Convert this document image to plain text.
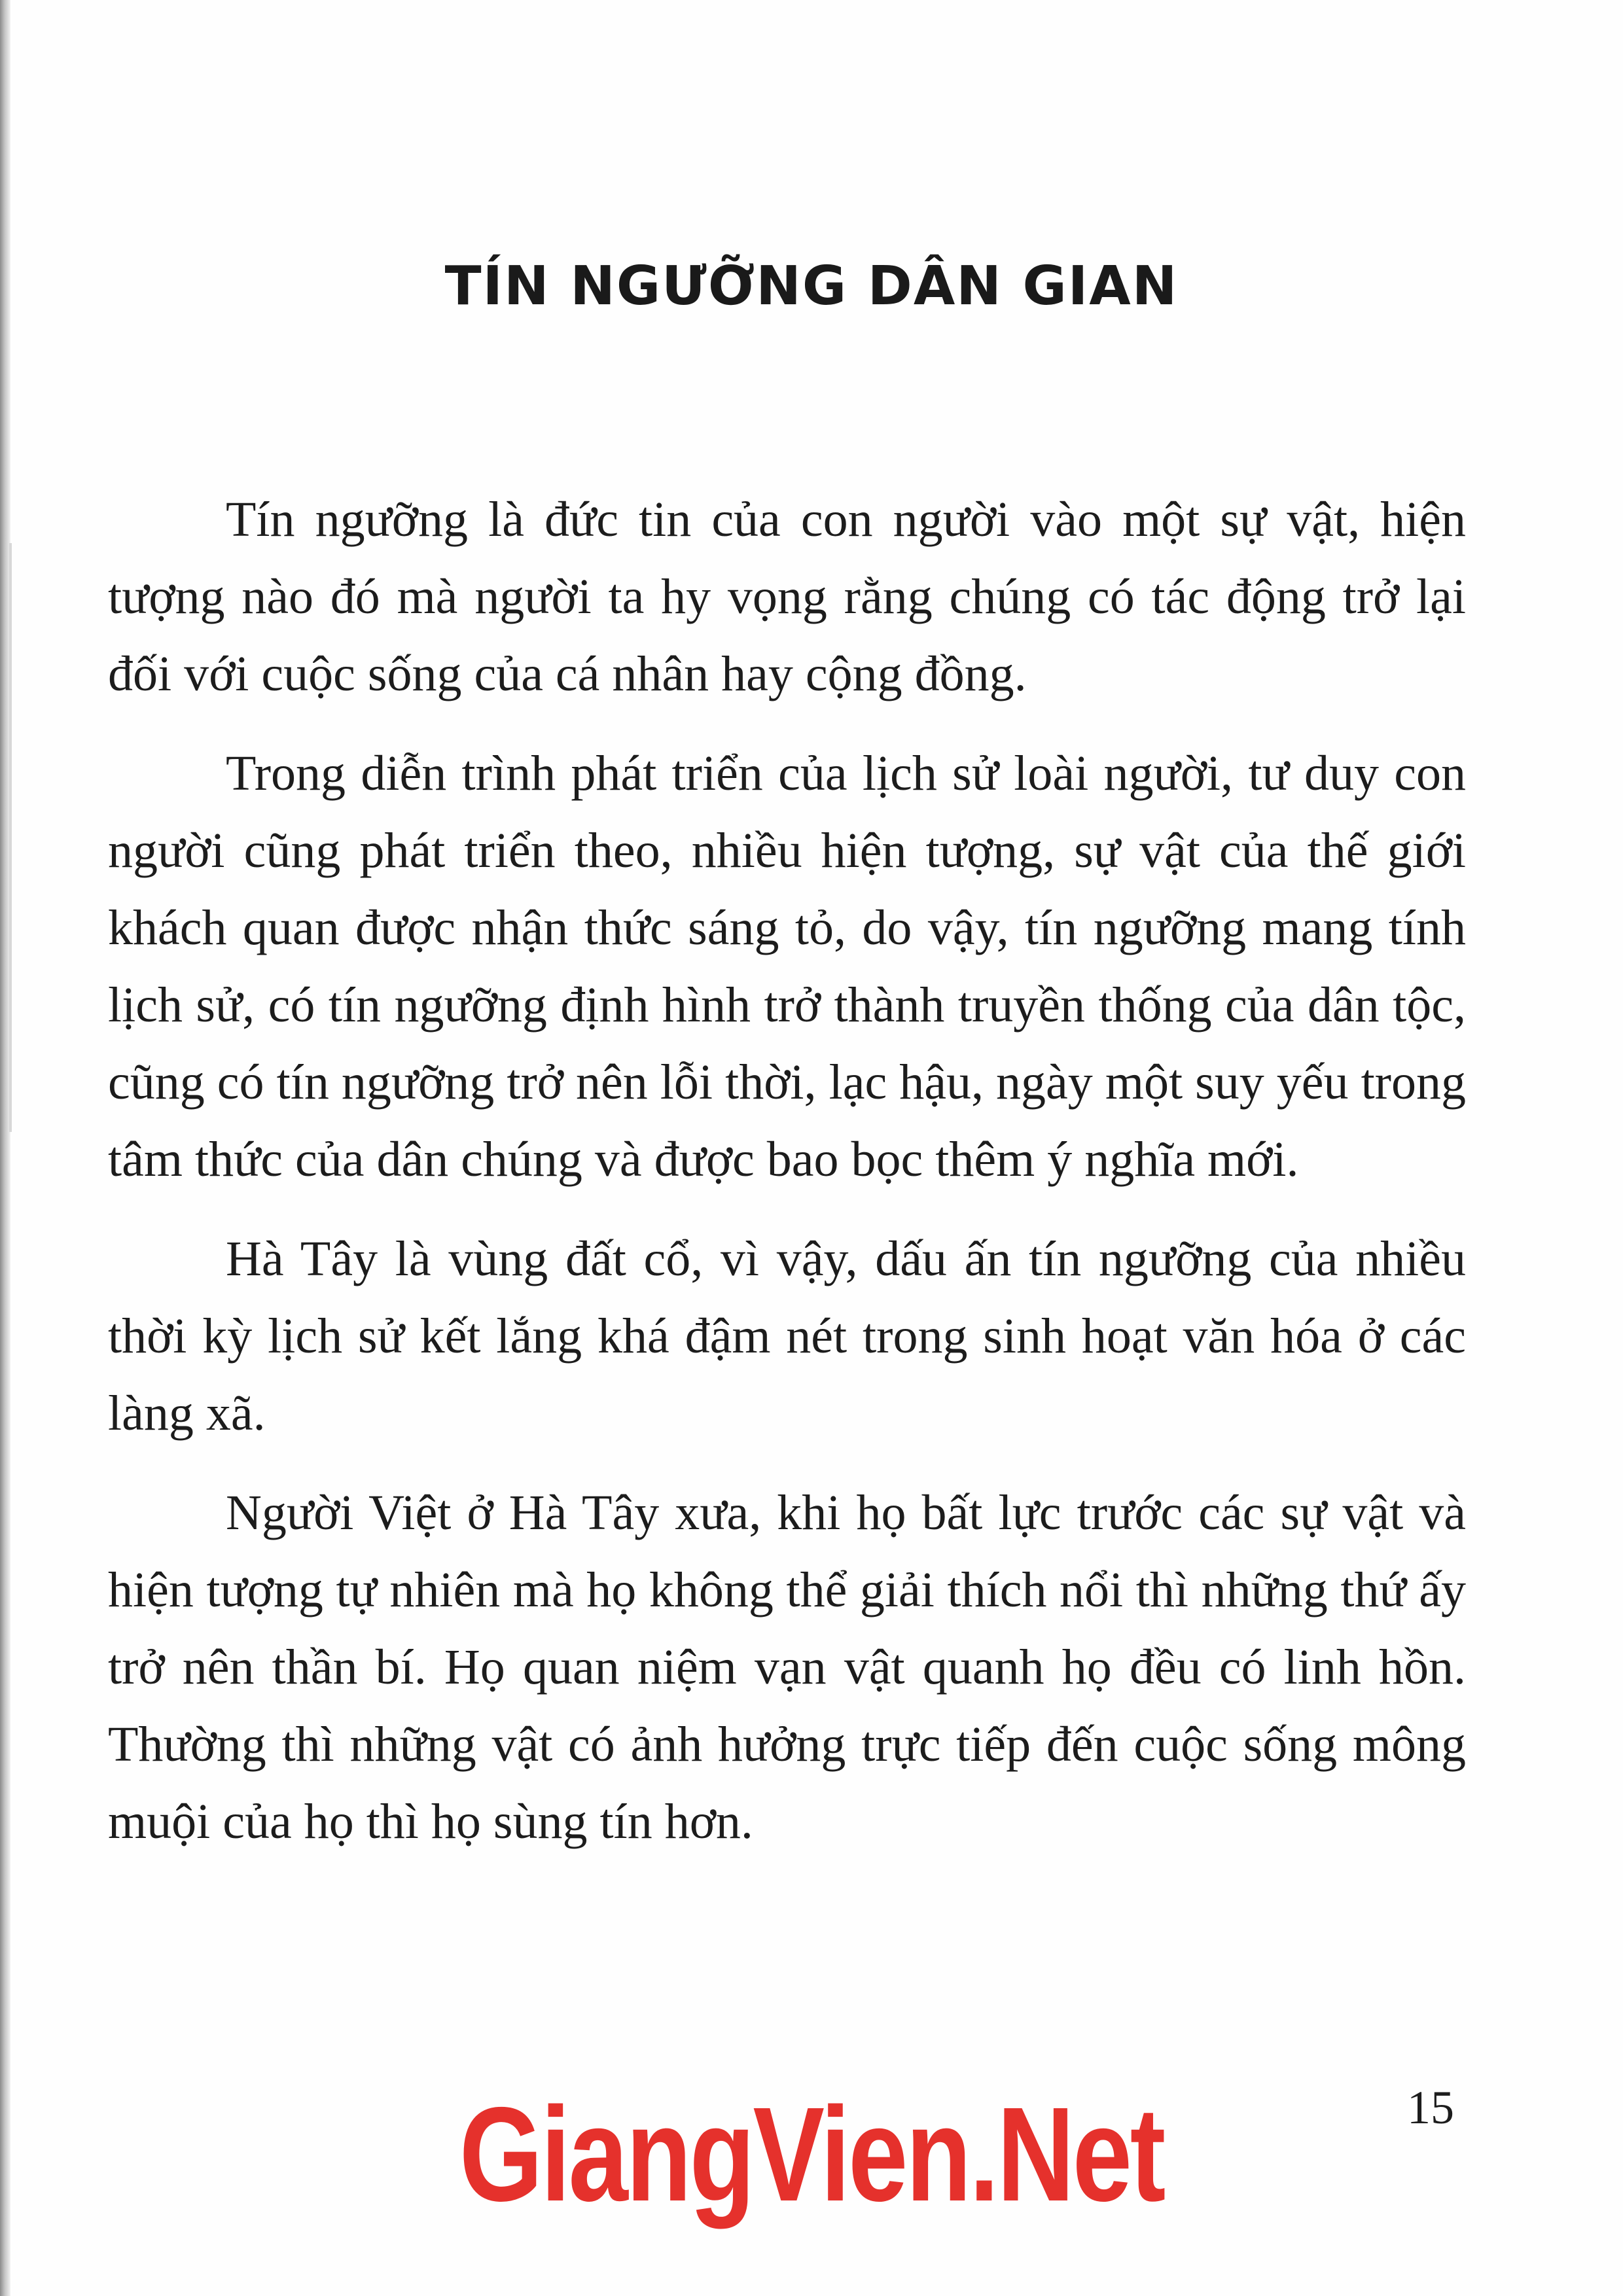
TÍN NGƯỠNG DÂN GIAN

Tín ngưỡng là đức tin của con người vào một sự vật, hiện tượng nào đó mà người ta hy vọng rằng chúng có tác động trở lại đối với cuộc sống của cá nhân hay cộng đồng.

Trong diễn trình phát triển của lịch sử loài người, tư duy con người cũng phát triển theo, nhiều hiện tượng, sự vật của thế giới khách quan được nhận thức sáng tỏ, do vậy, tín ngưỡng mang tính lịch sử, có tín ngưỡng định hình trở thành truyền thống của dân tộc, cũng có tín ngưỡng trở nên lỗi thời, lạc hậu, ngày một suy yếu trong tâm thức của dân chúng và được bao bọc thêm ý nghĩa mới.

Hà Tây là vùng đất cổ, vì vậy, dấu ấn tín ngưỡng của nhiều thời kỳ lịch sử kết lắng khá đậm nét trong sinh hoạt văn hóa ở các làng xã.

Người Việt ở Hà Tây xưa, khi họ bất lực trước các sự vật và hiện tượng tự nhiên mà họ không thể giải thích nổi thì những thứ ấy trở nên thần bí. Họ quan niệm vạn vật quanh họ đều có linh hồn. Thường thì những vật có ảnh hưởng trực tiếp đến cuộc sống mông muội của họ thì họ sùng tín hơn.

GiangVien.Net	15
